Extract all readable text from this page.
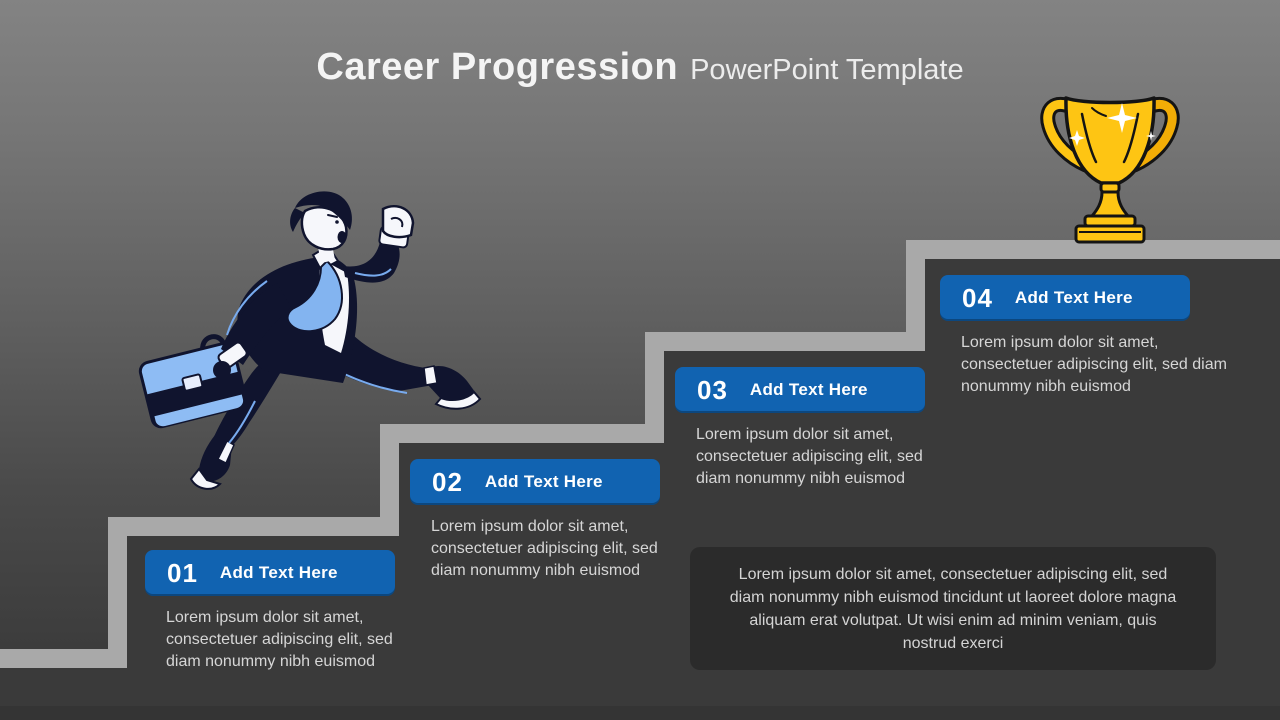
Career Progression PowerPoint Template
01 Add Text Here
Lorem ipsum dolor sit amet, consectetuer adipiscing elit, sed diam nonummy nibh euismod
02 Add Text Here
Lorem ipsum dolor sit amet, consectetuer adipiscing elit, sed diam nonummy nibh euismod
03 Add Text Here
Lorem ipsum dolor sit amet, consectetuer adipiscing elit, sed diam nonummy nibh euismod
04 Add Text Here
Lorem ipsum dolor sit amet, consectetuer adipiscing elit, sed diam nonummy nibh euismod
Lorem ipsum dolor sit amet, consectetuer adipiscing elit, sed diam nonummy nibh euismod tincidunt ut laoreet dolore magna aliquam erat volutpat. Ut wisi enim ad minim veniam, quis nostrud exerci
